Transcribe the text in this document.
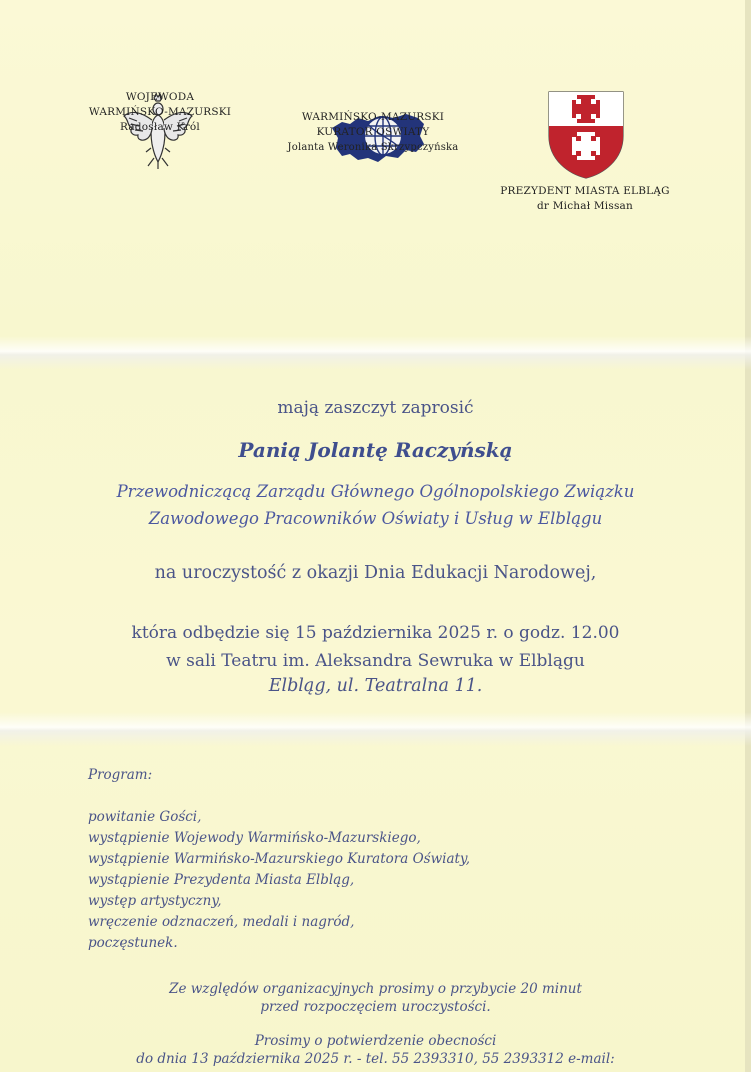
WOJEWODA
WARMIŃSKO-MAZURSKI
Radosław Król
WARMIŃSKO-MAZURSKI
KURATOR OŚWIATY
Jolanta Weronika Skrzypczyńska
PREZYDENT MIASTA ELBLĄG
dr Michał Missan
mają zaszczyt zaprosić
Panią Jolantę Raczyńską
Przewodniczącą Zarządu Głównego Ogólnopolskiego Związku
Zawodowego Pracowników Oświaty i Usług w Elblągu
na uroczystość z okazji Dnia Edukacji Narodowej,
która odbędzie się 15 października 2025 r. o godz. 12.00
w sali Teatru im. Aleksandra Sewruka w Elblągu
Elbląg, ul. Teatralna 11.
Program:
powitanie Gości,
wystąpienie Wojewody Warmińsko-Mazurskiego,
wystąpienie Warmińsko-Mazurskiego Kuratora Oświaty,
wystąpienie Prezydenta Miasta Elbląg,
występ artystyczny,
wręczenie odznaczeń, medali i nagród,
poczęstunek.
Ze względów organizacyjnych prosimy o przybycie 20 minut
przed rozpoczęciem uroczystości.
Prosimy o potwierdzenie obecności
do dnia 13 października 2025 r. - tel. 55 2393310, 55 2393312 e-mail:
